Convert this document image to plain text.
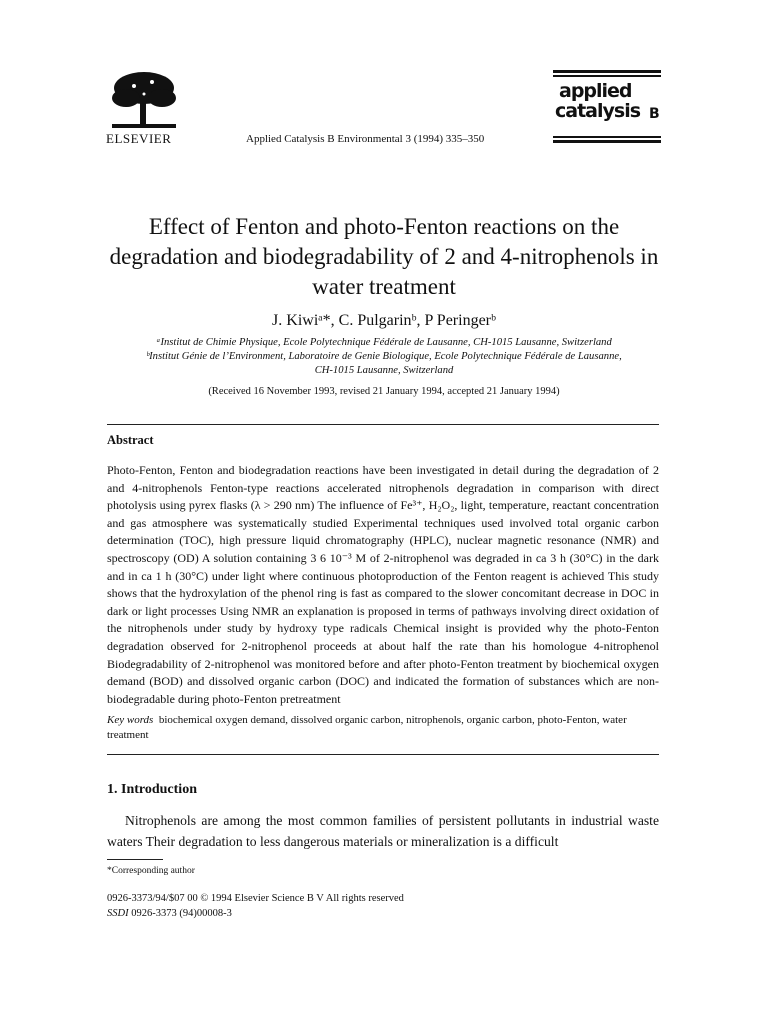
ELSEVIER	Applied Catalysis B Environmental 3 (1994) 335–350
applied
catalysis B
Effect of Fenton and photo-Fenton reactions on the degradation and biodegradability of 2 and 4-nitrophenols in water treatment
J. Kiwiᵃ*, C. Pulgarinᵇ, P Peringerᵇ
ᵃInstitut de Chimie Physique, Ecole Polytechnique Fédérale de Lausanne, CH-1015 Lausanne, Switzerland
ᵇInstitut Génie de l’Environment, Laboratoire de Genie Biologique, Ecole Polytechnique Fédérale de Lausanne,
CH-1015 Lausanne, Switzerland
(Received 16 November 1993, revised 21 January 1994, accepted 21 January 1994)
Abstract
Photo-Fenton, Fenton and biodegradation reactions have been investigated in detail during the degradation of 2 and 4-nitrophenols Fenton-type reactions accelerated nitrophenols degradation in comparison with direct photolysis using pyrex flasks (λ > 290 nm) The influence of Fe³⁺, H₂O₂, light, temperature, reactant concentration and gas atmosphere was systematically studied Experimental techniques used involved total organic carbon determination (TOC), high pressure liquid chromatography (HPLC), nuclear magnetic resonance (NMR) and spectroscopy (OD) A solution containing 3 6 10⁻³ M of 2-nitrophenol was degraded in ca 3 h (30°C) in the dark and in ca 1 h (30°C) under light where continuous photoproduction of the Fenton reagent is achieved This study shows that the hydroxylation of the phenol ring is fast as compared to the slower concomitant decrease in DOC in dark or light processes Using NMR an explanation is proposed in terms of pathways involving direct oxidation of the nitrophenols under study by hydroxy type radicals Chemical insight is provided why the photo-Fenton degradation observed for 2-nitrophenol proceeds at about half the rate than his homologue 4-nitrophenol Biodegradability of 2-nitrophenol was monitored before and after photo-Fenton treatment by biochemical oxygen demand (BOD) and dissolved organic carbon (DOC) and indicated the formation of substances which are non-biodegradable during photo-Fenton pretreatment
Key words biochemical oxygen demand, dissolved organic carbon, nitrophenols, organic carbon, photo-Fenton, water treatment
1. Introduction
Nitrophenols are among the most common families of persistent pollutants in industrial waste waters Their degradation to less dangerous materials or mineralization is a difficult
*Corresponding author
0926-3373/94/$07 00 © 1994 Elsevier Science B V All rights reserved
SSDI 0926-3373 (94)00008-3
